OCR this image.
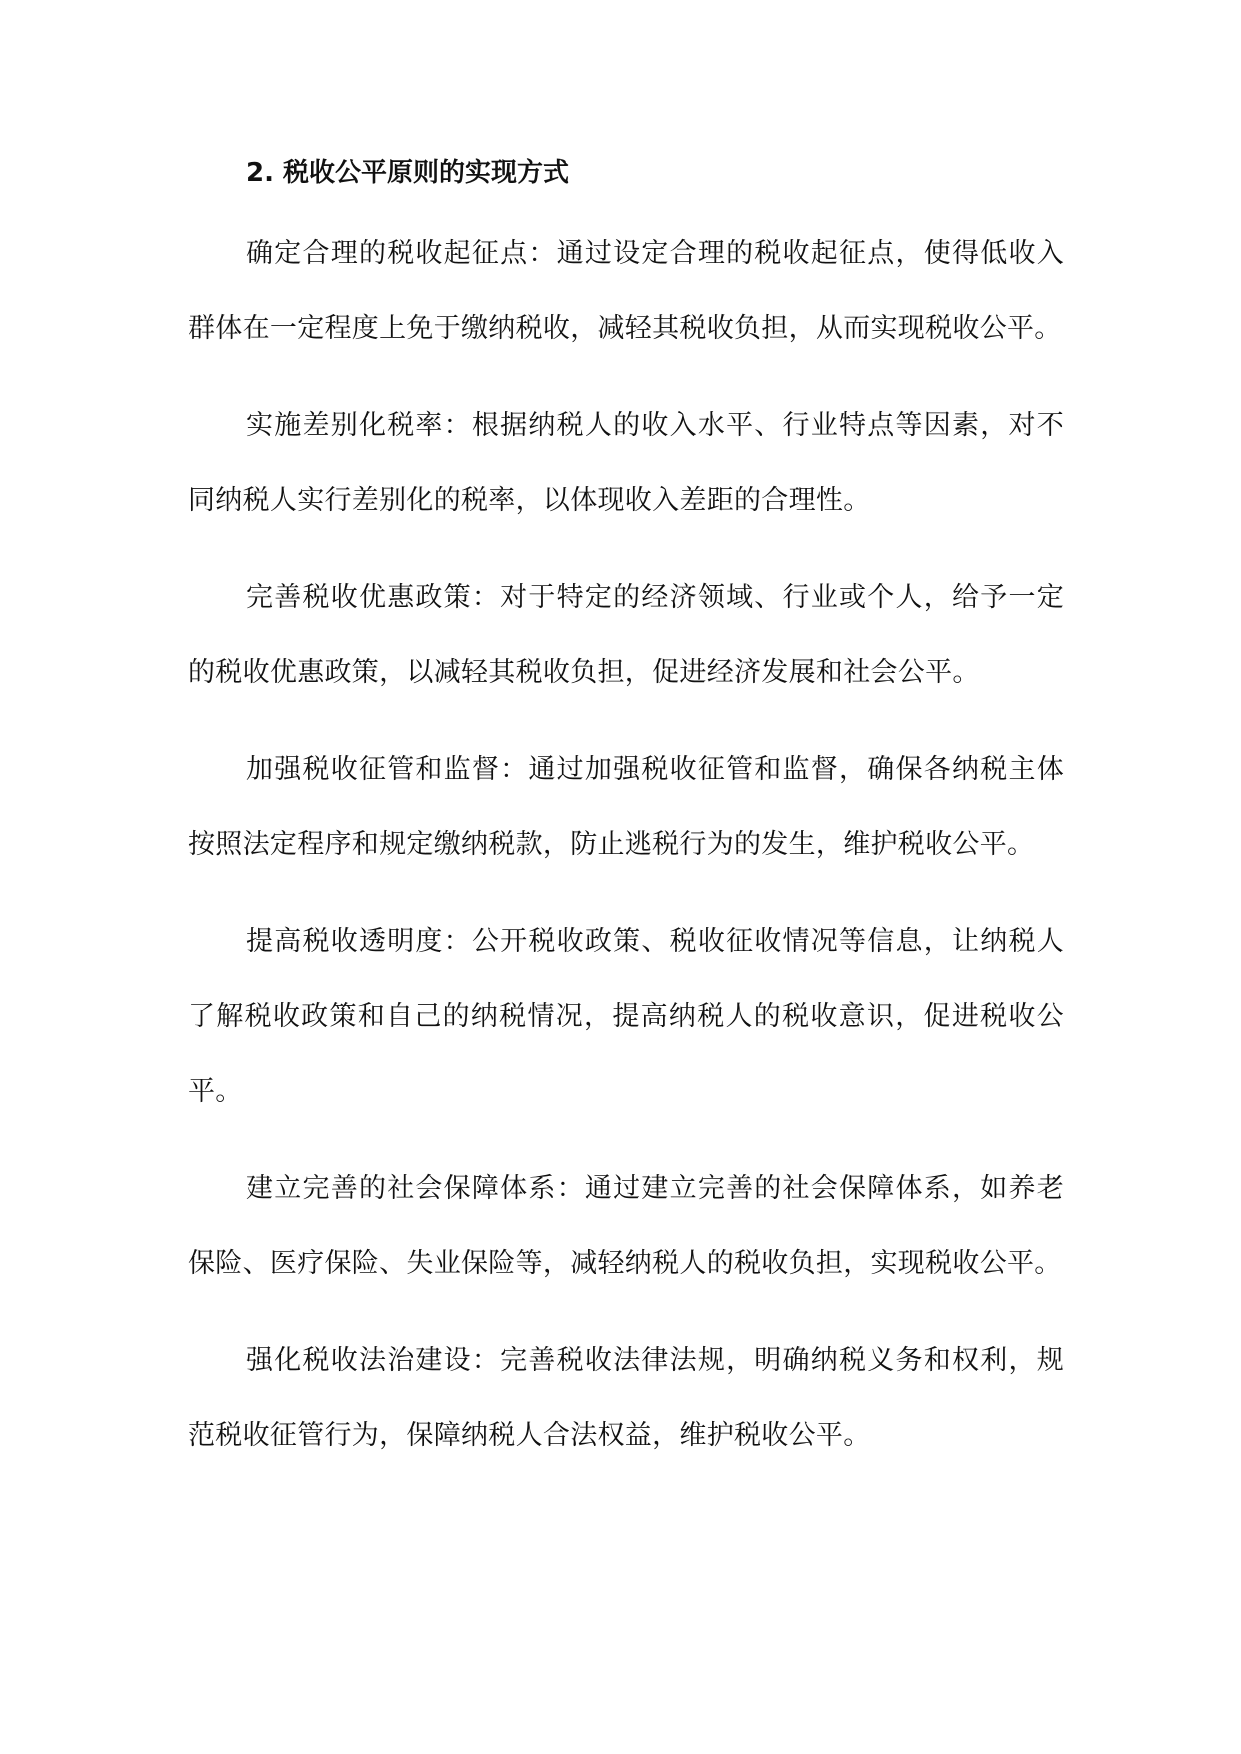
2. 税收公平原则的实现方式

确定合理的税收起征点：通过设定合理的税收起征点，使得低收入群体在一定程度上免于缴纳税收，减轻其税收负担，从而实现税收公平。

实施差别化税率：根据纳税人的收入水平、行业特点等因素，对不同纳税人实行差别化的税率，以体现收入差距的合理性。

完善税收优惠政策：对于特定的经济领域、行业或个人，给予一定的税收优惠政策，以减轻其税收负担，促进经济发展和社会公平。

加强税收征管和监督：通过加强税收征管和监督，确保各纳税主体按照法定程序和规定缴纳税款，防止逃税行为的发生，维护税收公平。

提高税收透明度：公开税收政策、税收征收情况等信息，让纳税人了解税收政策和自己的纳税情况，提高纳税人的税收意识，促进税收公平。

建立完善的社会保障体系：通过建立完善的社会保障体系，如养老保险、医疗保险、失业保险等，减轻纳税人的税收负担，实现税收公平。

强化税收法治建设：完善税收法律法规，明确纳税义务和权利，规范税收征管行为，保障纳税人合法权益，维护税收公平。
